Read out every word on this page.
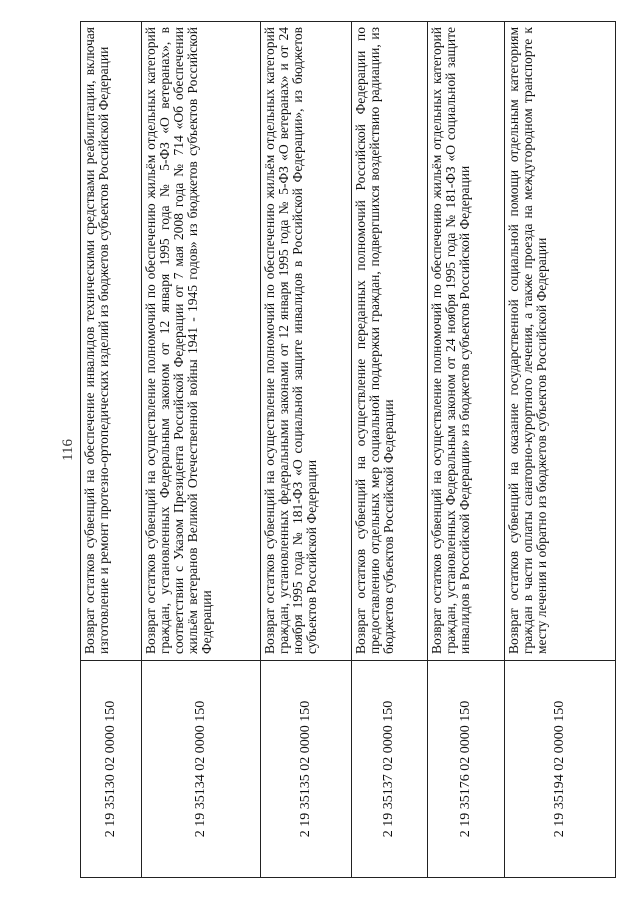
116
2 19 35130 02 0000 150
Возврат остатков субвенций на обеспечение инвалидов техническими средствами реабилитации, включая изготовление и ремонт протезно-ортопедических изделий из бюджетов субъектов Российской Федерации
2 19 35134 02 0000 150
Возврат остатков субвенций на осуществление полномочий по обеспечению жильём отдельных категорий граждан, установленных Федеральным законом от 12 января 1995 года № 5-ФЗ «О ветеранах», в соответствии с Указом Президента Российской Федерации от 7 мая 2008 года № 714 «Об обеспечении жильём ветеранов Великой Отечественной войны 1941 - 1945 годов» из бюджетов субъектов Российской Федерации
2 19 35135 02 0000 150
Возврат остатков субвенций на осуществление полномочий по обеспечению жильём отдельных категорий граждан, установленных федеральными законами от 12 января 1995 года № 5-ФЗ «О ветеранах» и от 24 ноября 1995 года № 181-ФЗ «О социальной защите инвалидов в Российской Федерации», из бюджетов субъектов Российской Федерации
2 19 35137 02 0000 150
Возврат остатков субвенций на осуществление переданных полномочий Российской Федерации по предоставлению отдельных мер социальной поддержки граждан, подвергшихся воздействию радиации, из бюджетов субъектов Российской Федерации
2 19 35176 02 0000 150
Возврат остатков субвенций на осуществление полномочий по обеспечению жильём отдельных категорий граждан, установленных Федеральным законом от 24 ноября 1995 года № 181-ФЗ «О социальной защите инвалидов в Российской Федерации» из бюджетов субъектов Российской Федерации
2 19 35194 02 0000 150
Возврат остатков субвенций на оказание государственной социальной помощи отдельным категориям граждан в части оплаты санаторно-курортного лечения, а также проезда на междугородном транспорте к месту лечения и обратно из бюджетов субъектов Российской Федерации
